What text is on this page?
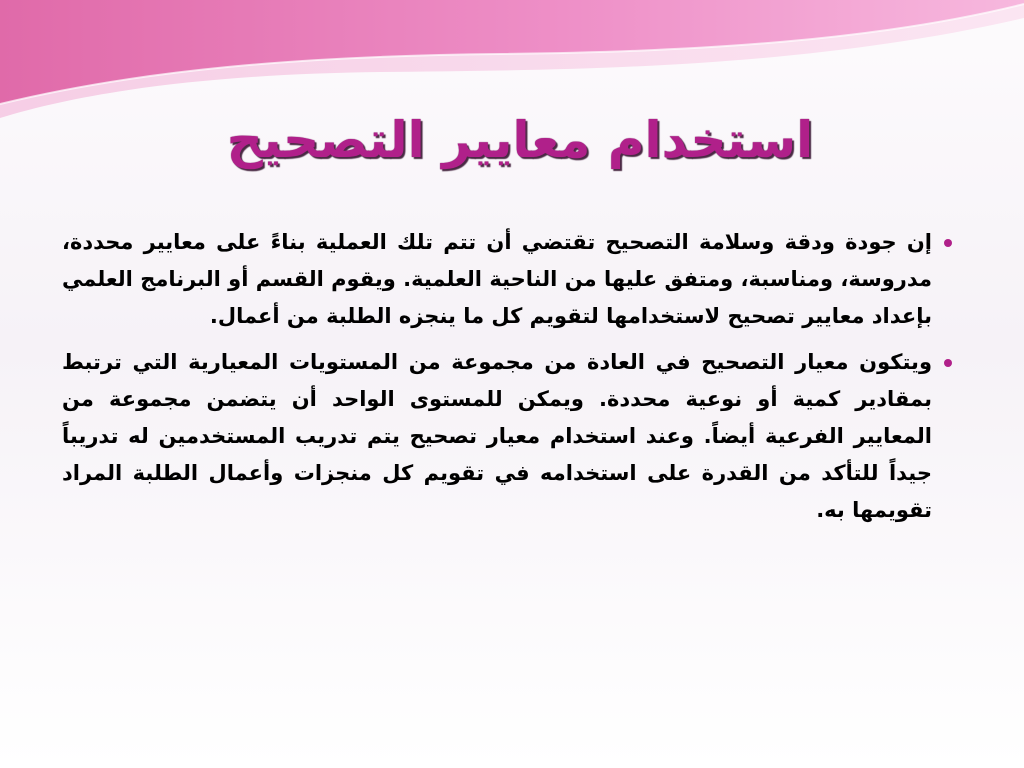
استخدام معايير التصحيح
إن جودة ودقة وسلامة التصحيح تقتضي أن تتم تلك العملية بناءً على معايير محددة، مدروسة، ومناسبة، ومتفق عليها من الناحية العلمية. ويقوم القسم أو البرنامج العلمي بإعداد معايير تصحيح لاستخدامها لتقويم كل ما ينجزه الطلبة من أعمال.
ويتكون معيار التصحيح في العادة من مجموعة من المستويات المعيارية التي ترتبط بمقادير كمية أو نوعية محددة. ويمكن للمستوى الواحد أن يتضمن مجموعة من المعايير الفرعية أيضاً. وعند استخدام معيار تصحيح يتم تدريب المستخدمين له تدريباً جيداً للتأكد من القدرة على استخدامه في تقويم كل منجزات وأعمال الطلبة المراد تقويمها به.
